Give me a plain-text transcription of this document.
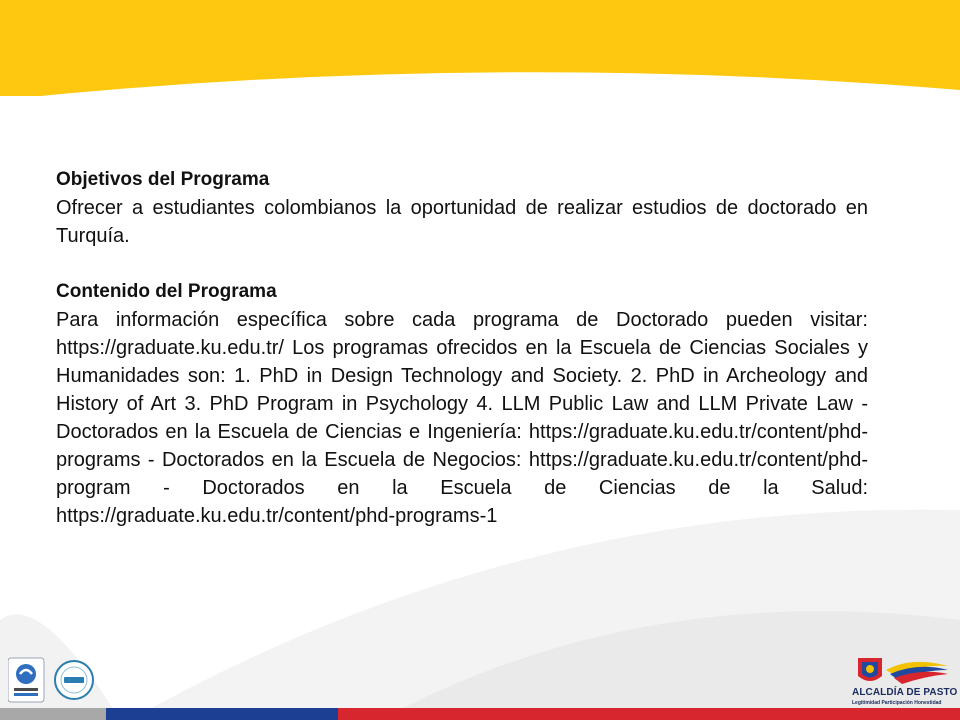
Objetivos del Programa
Ofrecer a estudiantes colombianos la oportunidad de realizar estudios de doctorado en Turquía.
Contenido del Programa
Para información específica sobre cada programa de Doctorado pueden visitar: https://graduate.ku.edu.tr/ Los programas ofrecidos en la Escuela de Ciencias Sociales y Humanidades son: 1. PhD in Design Technology and Society. 2. PhD in Archeology and History of Art 3. PhD Program in Psychology 4. LLM Public Law and LLM Private Law - Doctorados en la Escuela de Ciencias e Ingeniería: https://graduate.ku.edu.tr/content/phd-programs - Doctorados en la Escuela de Negocios: https://graduate.ku.edu.tr/content/phd-program - Doctorados en la Escuela de Ciencias de la Salud: https://graduate.ku.edu.tr/content/phd-programs-1
ALCALDÍA DE PASTO
Legitimidad Participación Honestidad
